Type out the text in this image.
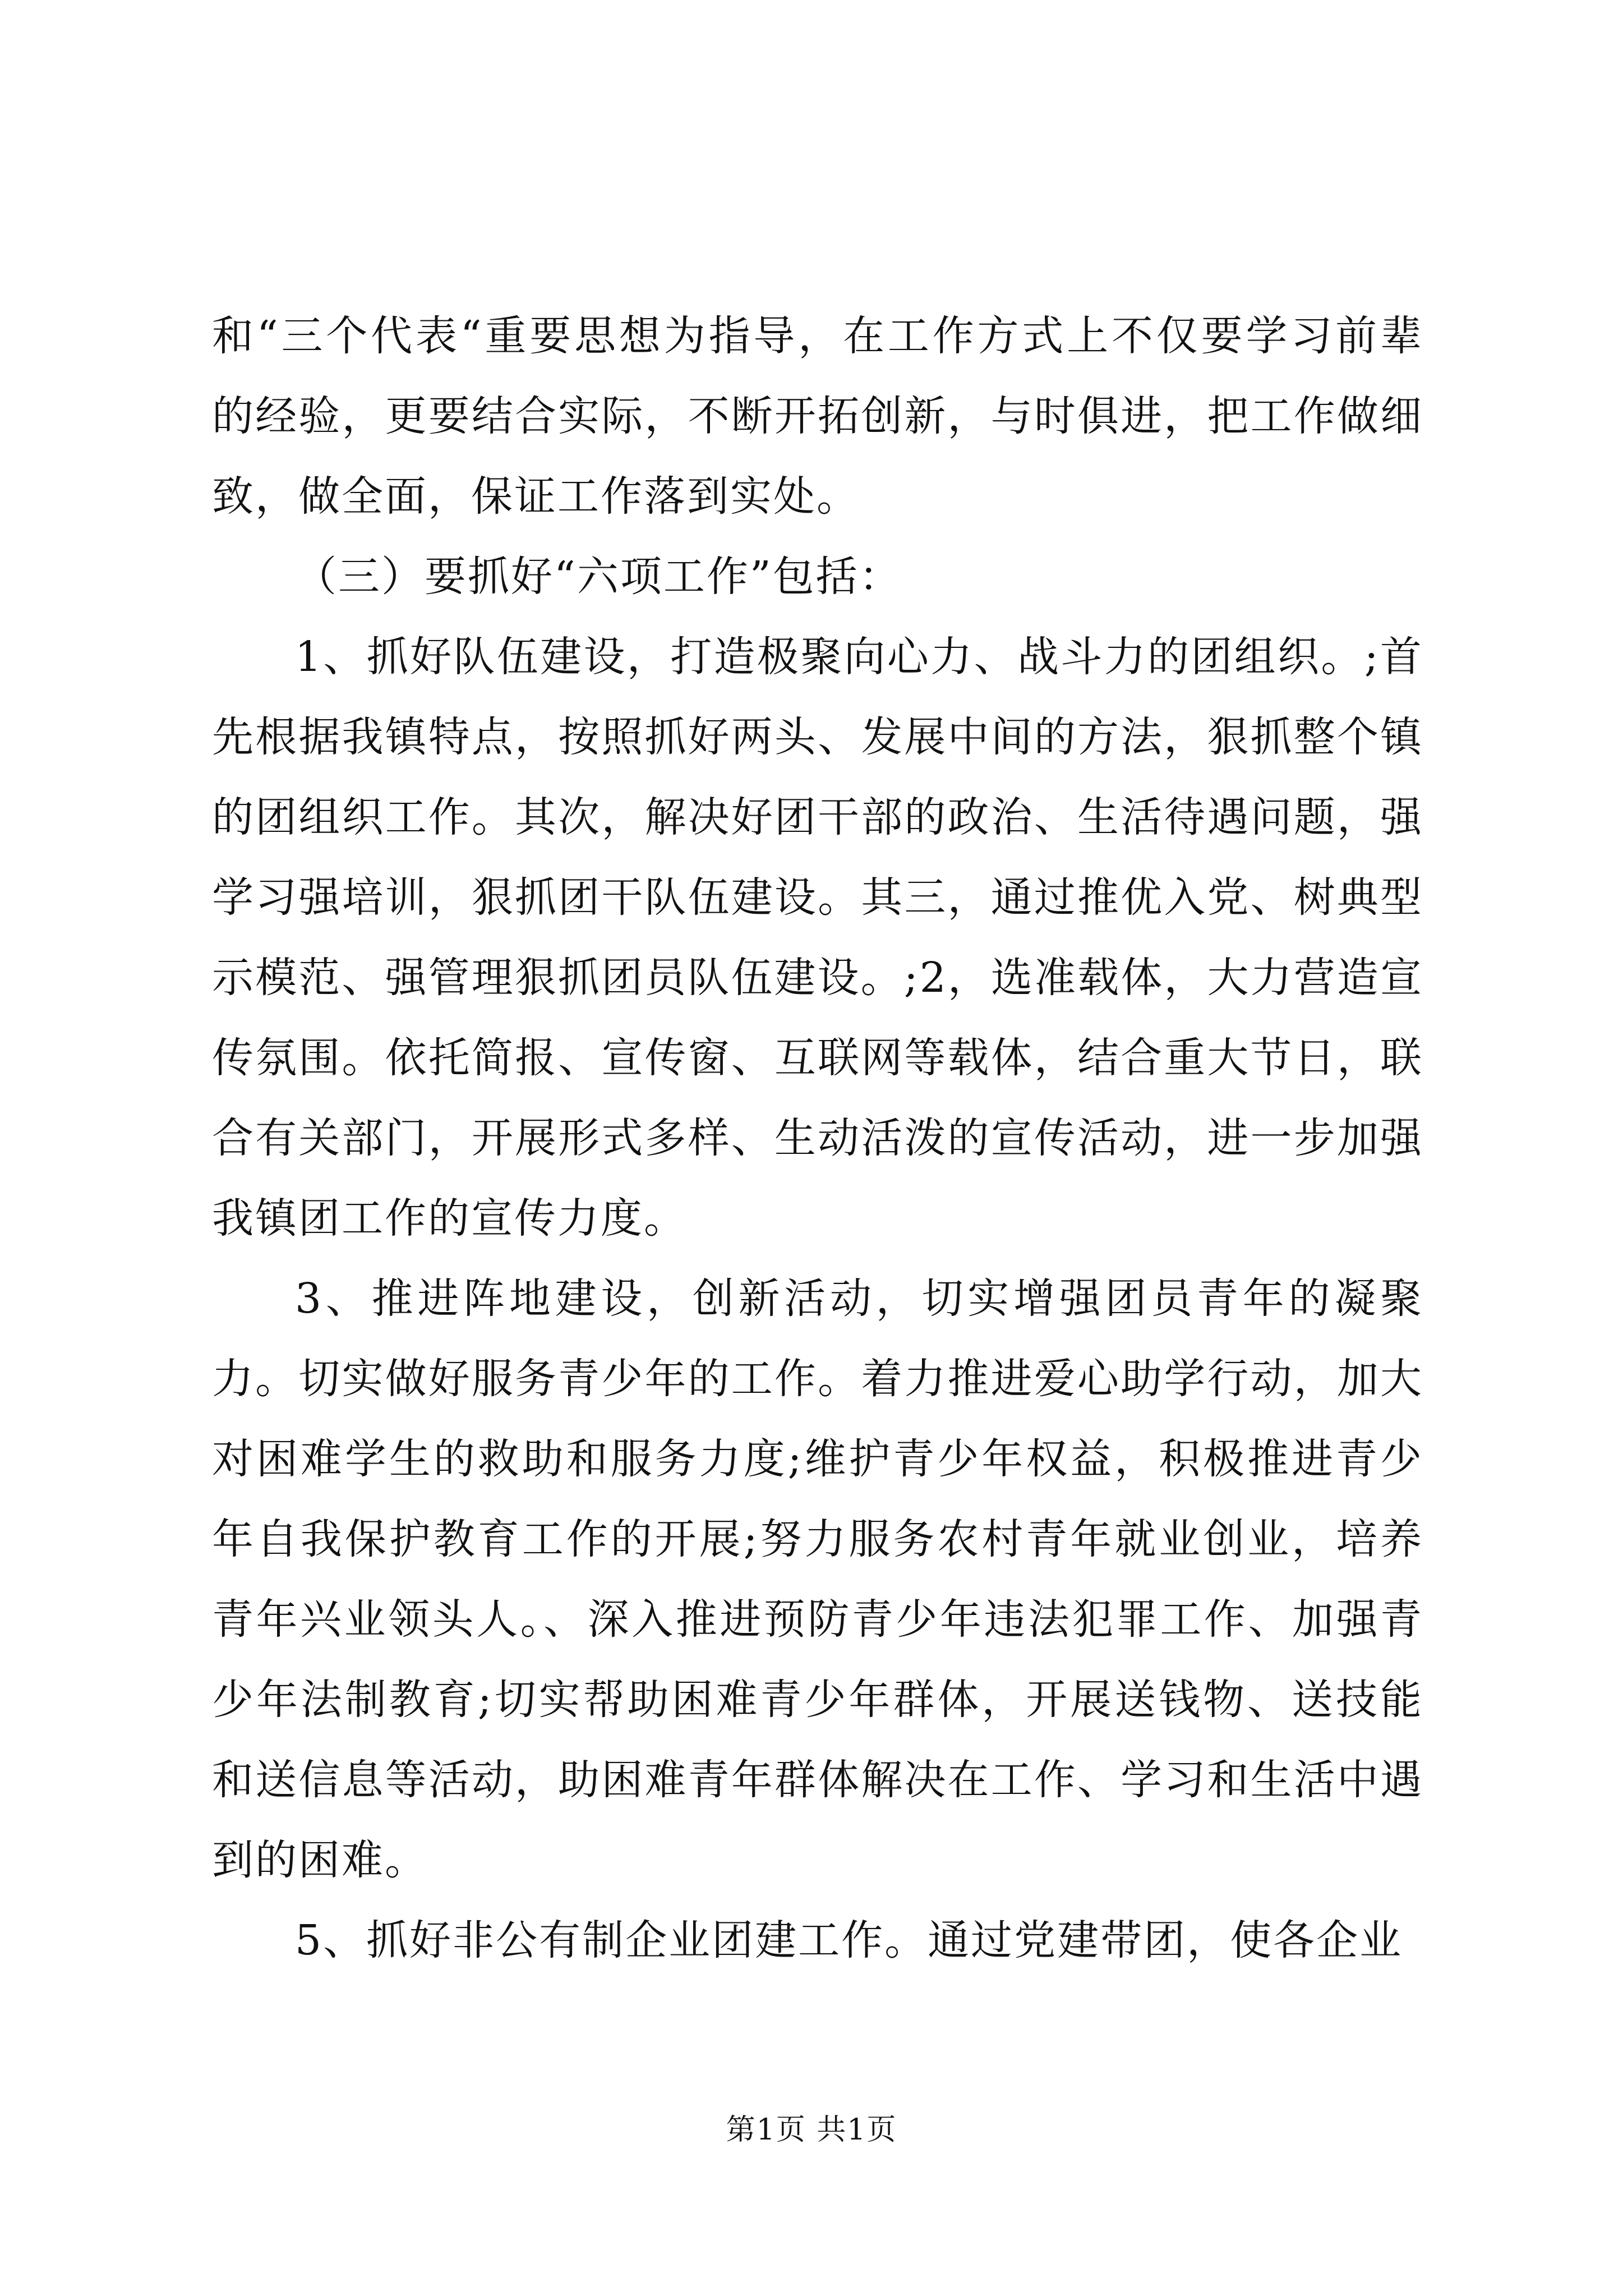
和“三个代表“重要思想为指导，在工作方式上不仅要学习前辈的经验，更要结合实际，不断开拓创新，与时俱进，把工作做细致，做全面，保证工作落到实处。

（三）要抓好“六项工作”包括：

1、抓好队伍建设，打造极聚向心力、战斗力的团组织。;首先根据我镇特点，按照抓好两头、发展中间的方法，狠抓整个镇的团组织工作。其次，解决好团干部的政治、生活待遇问题，强学习强培训，狠抓团干队伍建设。其三，通过推优入党、树典型示模范、强管理狠抓团员队伍建设。;2，选准载体，大力营造宣传氛围。依托简报、宣传窗、互联网等载体，结合重大节日，联合有关部门，开展形式多样、生动活泼的宣传活动，进一步加强我镇团工作的宣传力度。

3、推进阵地建设，创新活动，切实增强团员青年的凝聚力。切实做好服务青少年的工作。着力推进爱心助学行动，加大对困难学生的救助和服务力度;维护青少年权益，积极推进青少年自我保护教育工作的开展;努力服务农村青年就业创业，培养青年兴业领头人。、深入推进预防青少年违法犯罪工作、加强青少年法制教育;切实帮助困难青少年群体，开展送钱物、送技能和送信息等活动，助困难青年群体解决在工作、学习和生活中遇到的困难。

5、抓好非公有制企业团建工作。通过党建带团，使各企业

第1页 共1页
